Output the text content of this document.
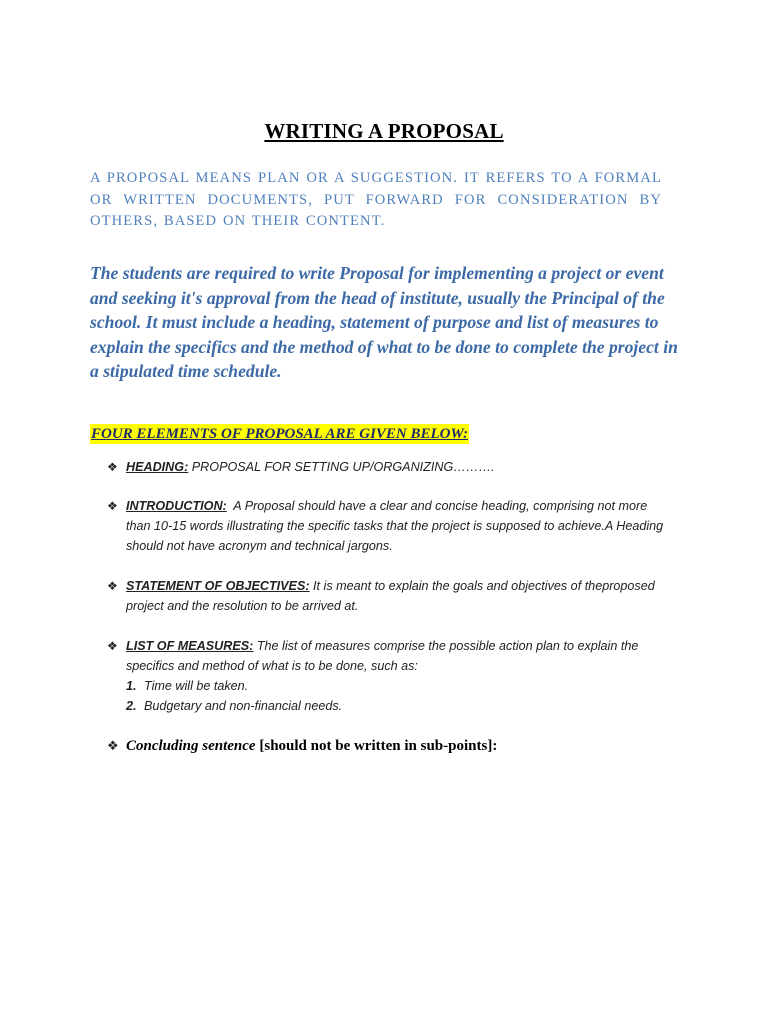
WRITING A PROPOSAL
A PROPOSAL MEANS PLAN OR A SUGGESTION. IT REFERS TO A FORMAL OR WRITTEN DOCUMENTS, PUT FORWARD FOR CONSIDERATION BY OTHERS, BASED ON THEIR CONTENT.
The students are required to write Proposal for implementing a project or event and seeking it's approval from the head of institute, usually the Principal of the school. It must include a heading, statement of purpose and list of measures to explain the specifics and the method of what to be done to complete the project in a stipulated time schedule.
FOUR ELEMENTS OF PROPOSAL ARE GIVEN BELOW:
❖ HEADING: PROPOSAL FOR SETTING UP/ORGANIZING……….
❖ INTRODUCTION:  A Proposal should have a clear and concise heading, comprising not more than 10-15 words illustrating the specific tasks that the project is supposed to achieve.A Heading should not have acronym and technical jargons.
❖ STATEMENT OF OBJECTIVES: It is meant to explain the goals and objectives of theproposed project and the resolution to be arrived at.
❖ LIST OF MEASURES: The list of measures comprise the possible action plan to explain the specifics and method of what is to be done, such as:
1. Time will be taken.
2. Budgetary and non-financial needs.
❖ Concluding sentence [should not be written in sub-points]:
